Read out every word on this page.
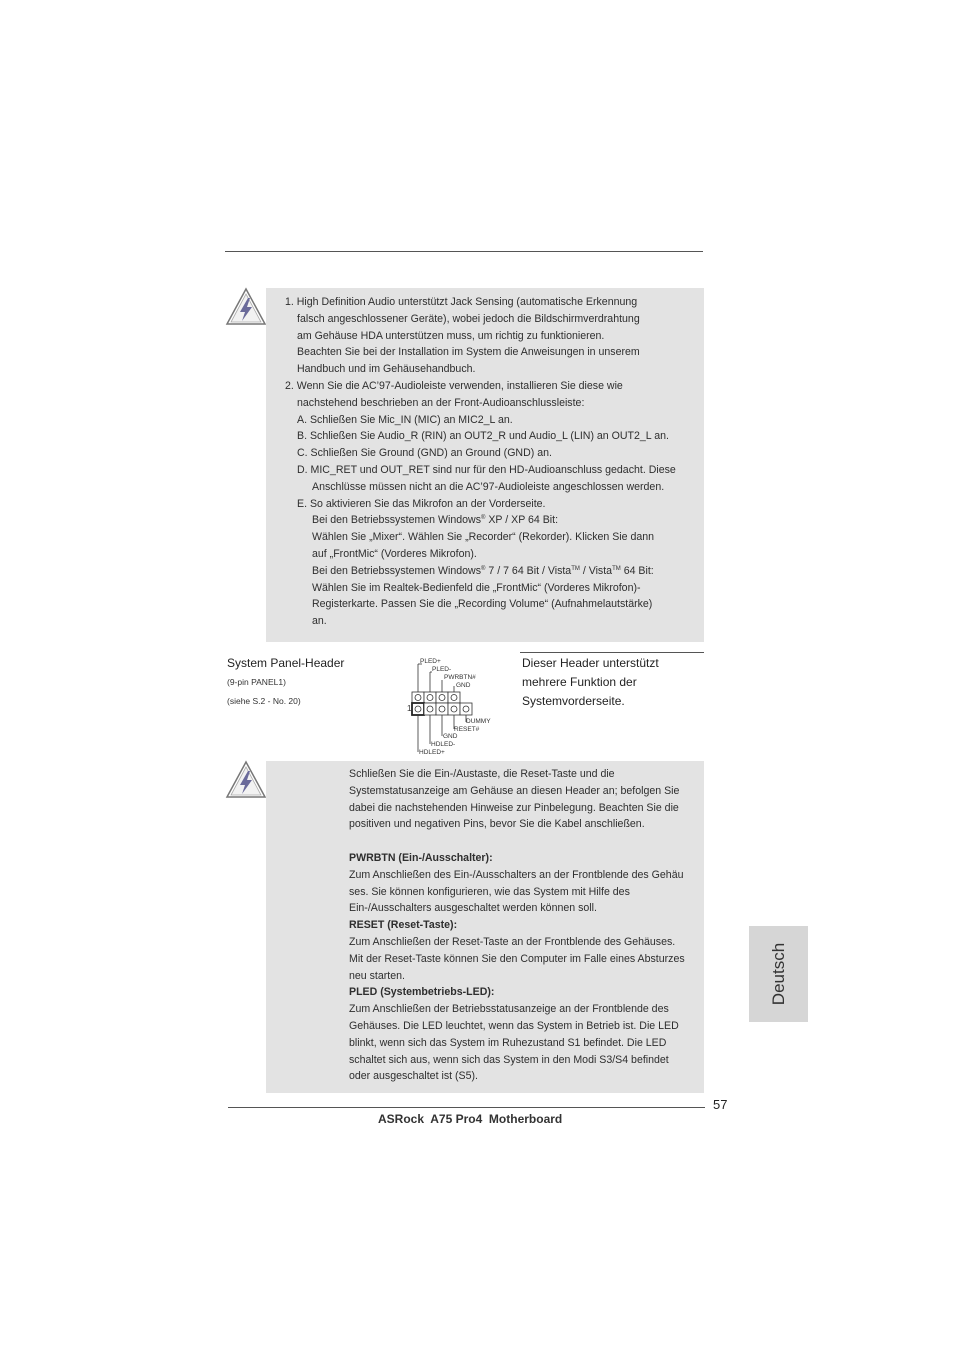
1. High Definition Audio unterstützt Jack Sensing (automatische Erkennung
falsch angeschlossener Geräte), wobei jedoch die Bildschirmverdrahtung
am Gehäuse HDA unterstützen muss, um richtig zu funktionieren.
Beachten Sie bei der Installation im System die Anweisungen in unserem
Handbuch und im Gehäusehandbuch.
2. Wenn Sie die AC’97-Audioleiste verwenden, installieren Sie diese wie
nachstehend beschrieben an der Front-Audioanschlussleiste:
A. Schließen Sie Mic_IN (MIC) an MIC2_L an.
B. Schließen Sie Audio_R (RIN) an OUT2_R und Audio_L (LIN) an OUT2_L an.
C. Schließen Sie Ground (GND) an Ground (GND) an.
D. MIC_RET und OUT_RET sind nur für den HD-Audioanschluss gedacht. Diese
Anschlüsse müssen nicht an die AC’97-Audioleiste angeschlossen werden.
E. So aktivieren Sie das Mikrofon an der Vorderseite.
Bei den Betriebssystemen Windows® XP / XP 64 Bit:
Wählen Sie „Mixer“. Wählen Sie „Recorder“ (Rekorder). Klicken Sie dann
auf „FrontMic“ (Vorderes Mikrofon).
Bei den Betriebssystemen Windows® 7 / 7 64 Bit / Vista™ / Vista™ 64 Bit:
Wählen Sie im Realtek-Bedienfeld die „FrontMic“ (Vorderes Mikrofon)-
Registerkarte. Passen Sie die „Recording Volume“ (Aufnahmelautstärke)
an.
System Panel-Header
(9-pin PANEL1)
(siehe S.2 - No. 20)
Dieser Header unterstützt
mehrere Funktion der
Systemvorderseite.
PLED+
PLED-
PWRBTN#
GND
DUMMY
RESET#
GND
HDLED-
HDLED+
1
Schließen Sie die Ein-/Austaste, die Reset-Taste und die
Systemstatusanzeige am Gehäuse an diesen Header an; befolgen Sie
dabei die nachstehenden Hinweise zur Pinbelegung. Beachten Sie die
positiven und negativen Pins, bevor Sie die Kabel anschließen.
PWRBTN (Ein-/Ausschalter):
Zum Anschließen des Ein-/Ausschalters an der Frontblende des Gehäu
ses. Sie können konfigurieren, wie das System mit Hilfe des
Ein-/Ausschalters ausgeschaltet werden können soll.
RESET (Reset-Taste):
Zum Anschließen der Reset-Taste an der Frontblende des Gehäuses.
Mit der Reset-Taste können Sie den Computer im Falle eines Absturzes
neu starten.
PLED (Systembetriebs-LED):
Zum Anschließen der Betriebsstatusanzeige an der Frontblende des
Gehäuses. Die LED leuchtet, wenn das System in Betrieb ist. Die LED
blinkt, wenn sich das System im Ruhezustand S1 befindet. Die LED
schaltet sich aus, wenn sich das System in den Modi S3/S4 befindet
oder ausgeschaltet ist (S5).
Deutsch
57
ASRock  A75 Pro4  Motherboard
